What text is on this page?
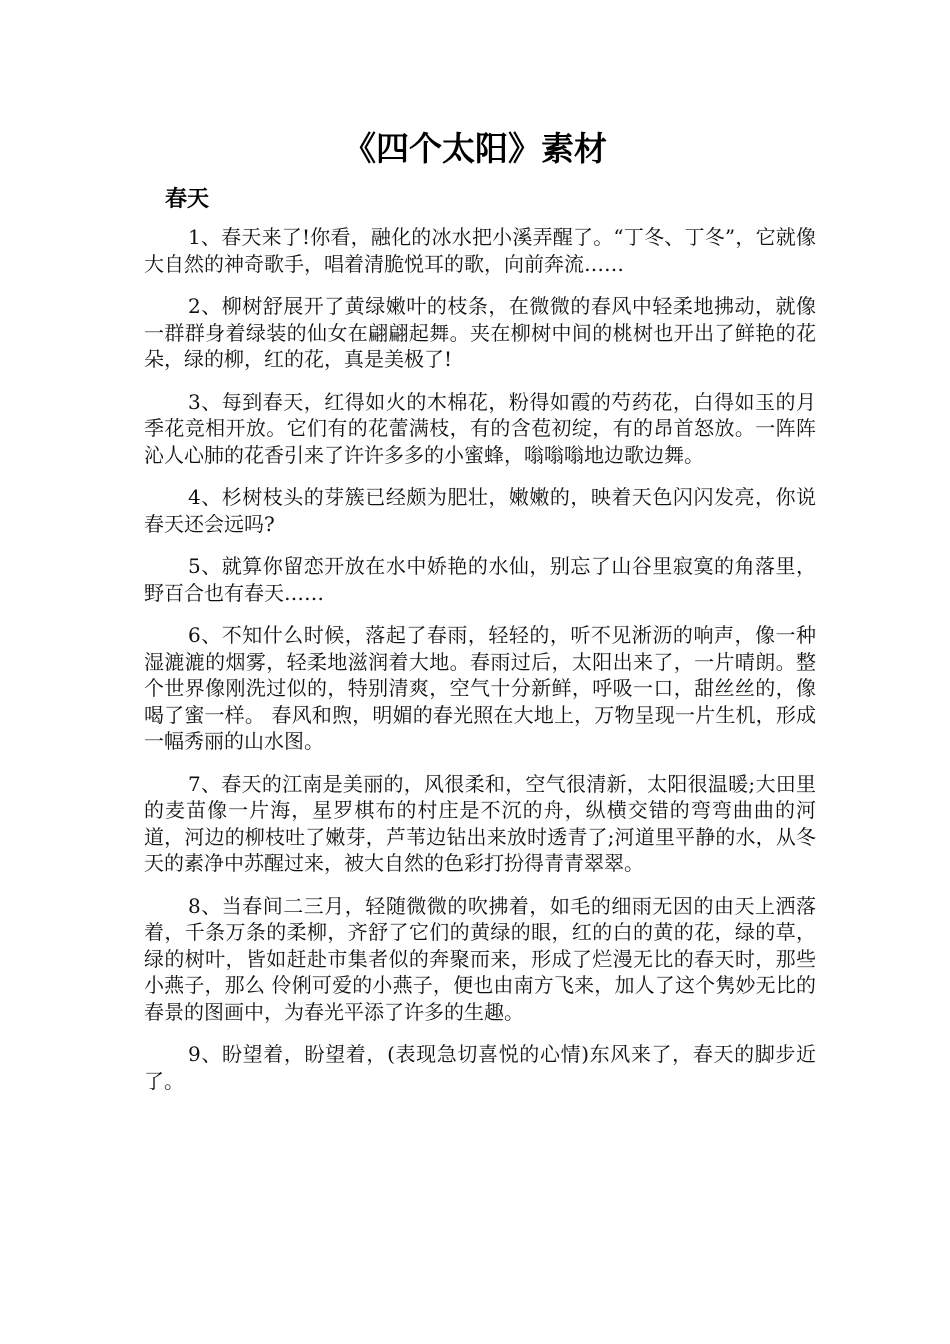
《四个太阳》素材
春天

1、春天来了!你看，融化的冰水把小溪弄醒了。“丁冬、丁冬”，它就像大自然的神奇歌手，唱着清脆悦耳的歌，向前奔流……

2、柳树舒展开了黄绿嫩叶的枝条，在微微的春风中轻柔地拂动，就像一群群身着绿装的仙女在翩翩起舞。夹在柳树中间的桃树也开出了鲜艳的花朵，绿的柳，红的花，真是美极了!

3、每到春天，红得如火的木棉花，粉得如霞的芍药花，白得如玉的月季花竞相开放。它们有的花蕾满枝，有的含苞初绽，有的昂首怒放。一阵阵沁人心肺的花香引来了许许多多的小蜜蜂，嗡嗡嗡地边歌边舞。

4、杉树枝头的芽簇已经颇为肥壮，嫩嫩的，映着天色闪闪发亮，你说春天还会远吗?

5、就算你留恋开放在水中娇艳的水仙，别忘了山谷里寂寞的角落里，野百合也有春天……

6、不知什么时候，落起了春雨，轻轻的，听不见淅沥的响声，像一种湿漉漉的烟雾，轻柔地滋润着大地。春雨过后，太阳出来了，一片晴朗。整个世界像刚洗过似的，特别清爽，空气十分新鲜，呼吸一口，甜丝丝的，像喝了蜜一样。 春风和煦，明媚的春光照在大地上，万物呈现一片生机，形成一幅秀丽的山水图。

7、春天的江南是美丽的，风很柔和，空气很清新，太阳很温暖;大田里的麦苗像一片海，星罗棋布的村庄是不沉的舟，纵横交错的弯弯曲曲的河道，河边的柳枝吐了嫩芽，芦苇边钻出来放时透青了;河道里平静的水，从冬天的素净中苏醒过来，被大自然的色彩打扮得青青翠翠。

8、当春间二三月，轻随微微的吹拂着，如毛的细雨无因的由天上洒落着，千条万条的柔柳，齐舒了它们的黄绿的眼，红的白的黄的花，绿的草，绿的树叶，皆如赶赴市集者似的奔聚而来，形成了烂漫无比的春天时，那些小燕子，那么 伶俐可爱的小燕子，便也由南方飞来，加人了这个隽妙无比的春景的图画中，为春光平添了许多的生趣。

9、盼望着，盼望着，(表现急切喜悦的心情)东风来了，春天的脚步近了。
